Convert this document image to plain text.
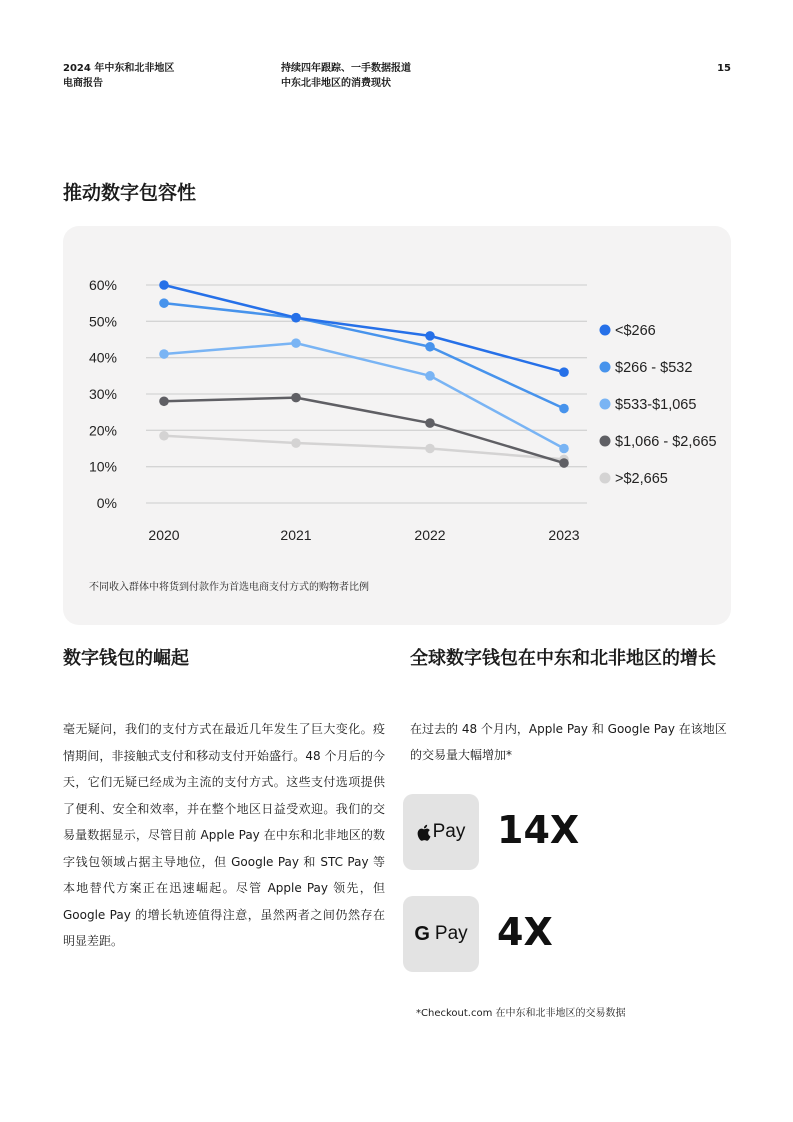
2024 年中东和北非地区
电商报告
持续四年跟踪、一手数据报道
中东北非地区的消费现状
15
推动数字包容性
0%
10%
20%
30%
40%
50%
60%
2020	2021	2022	2023
<$266
$266 - $532
$533-$1,065
$1,066 - $2,665
>$2,665
不同收入群体中将货到付款作为首选电商支付方式的购物者比例
数字钱包的崛起

毫无疑问，我们的支付方式在最近几年发生了巨大变化。疫情期间，非接触式支付和移动支付开始盛行。48 个月后的今天，它们无疑已经成为主流的支付方式。这些支付选项提供了便利、安全和效率，并在整个地区日益受欢迎。我们的交易量数据显示，尽管目前 Apple Pay 在中东和北非地区的数字钱包领域占据主导地位，但 Google Pay 和 STC Pay 等本地替代方案正在迅速崛起。尽管 Apple Pay 领先，但 Google Pay 的增长轨迹值得注意，虽然两者之间仍然存在明显差距。

全球数字钱包在中东和北非地区的增长

在过去的 48 个月内，Apple Pay 和 Google Pay 在该地区的交易量大幅增加*

Pay 14X
G Pay 4X

*Checkout.com 在中东和北非地区的交易数据
